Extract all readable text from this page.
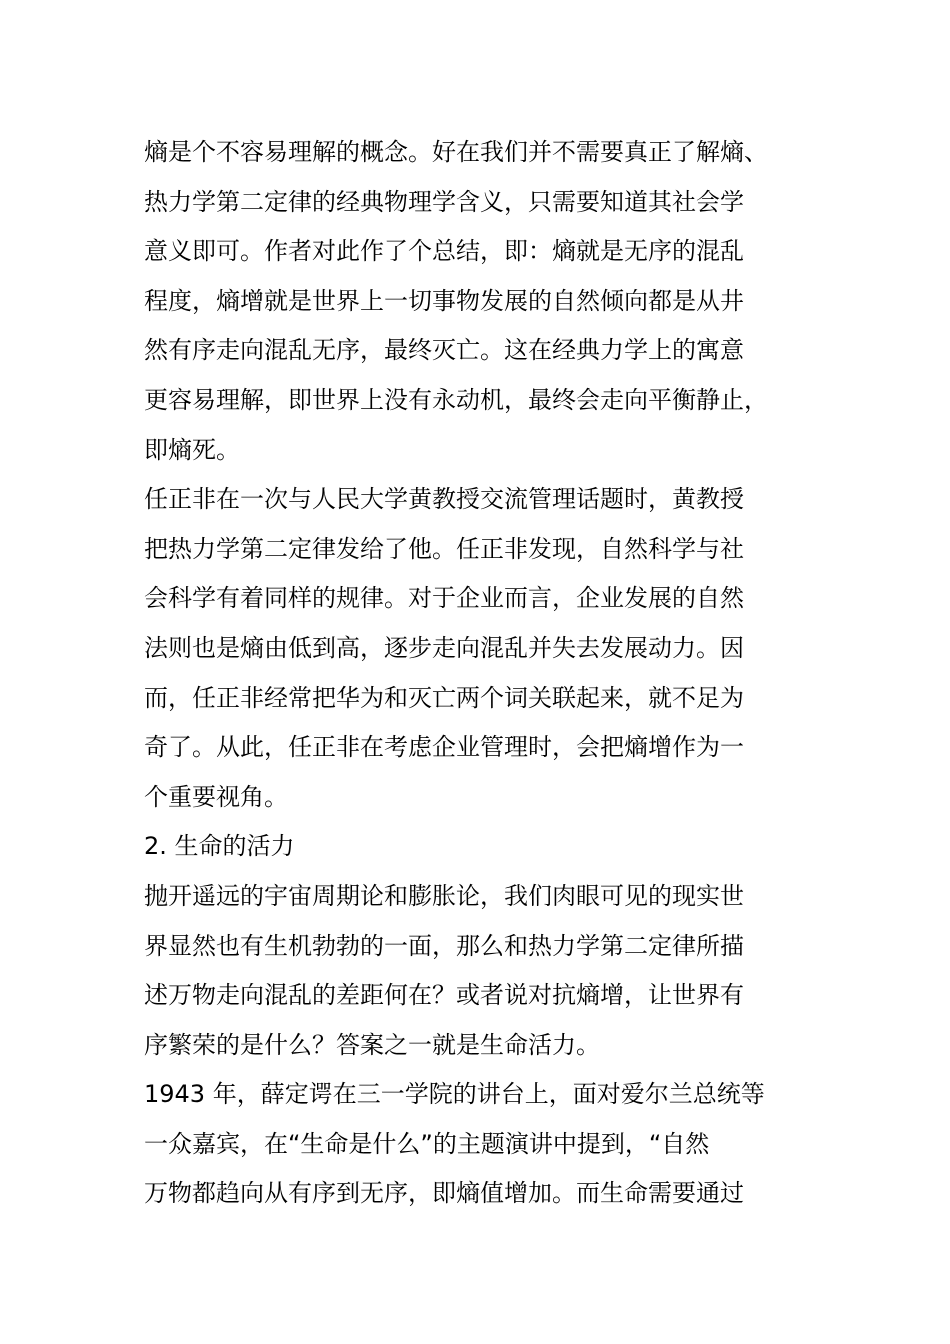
熵是个不容易理解的概念。好在我们并不需要真正了解熵、
热力学第二定律的经典物理学含义，只需要知道其社会学
意义即可。作者对此作了个总结，即：熵就是无序的混乱
程度，熵增就是世界上一切事物发展的自然倾向都是从井
然有序走向混乱无序，最终灭亡。这在经典力学上的寓意
更容易理解，即世界上没有永动机，最终会走向平衡静止，
即熵死。
任正非在一次与人民大学黄教授交流管理话题时，黄教授
把热力学第二定律发给了他。任正非发现，自然科学与社
会科学有着同样的规律。对于企业而言，企业发展的自然
法则也是熵由低到高，逐步走向混乱并失去发展动力。因
而，任正非经常把华为和灭亡两个词关联起来，就不足为
奇了。从此，任正非在考虑企业管理时，会把熵增作为一
个重要视角。
2. 生命的活力
抛开遥远的宇宙周期论和膨胀论，我们肉眼可见的现实世
界显然也有生机勃勃的一面，那么和热力学第二定律所描
述万物走向混乱的差距何在？或者说对抗熵增，让世界有
序繁荣的是什么？答案之一就是生命活力。
1943 年，薛定谔在三一学院的讲台上，面对爱尔兰总统等
一众嘉宾，在“生命是什么”的主题演讲中提到，“自然
万物都趋向从有序到无序，即熵值增加。而生命需要通过
